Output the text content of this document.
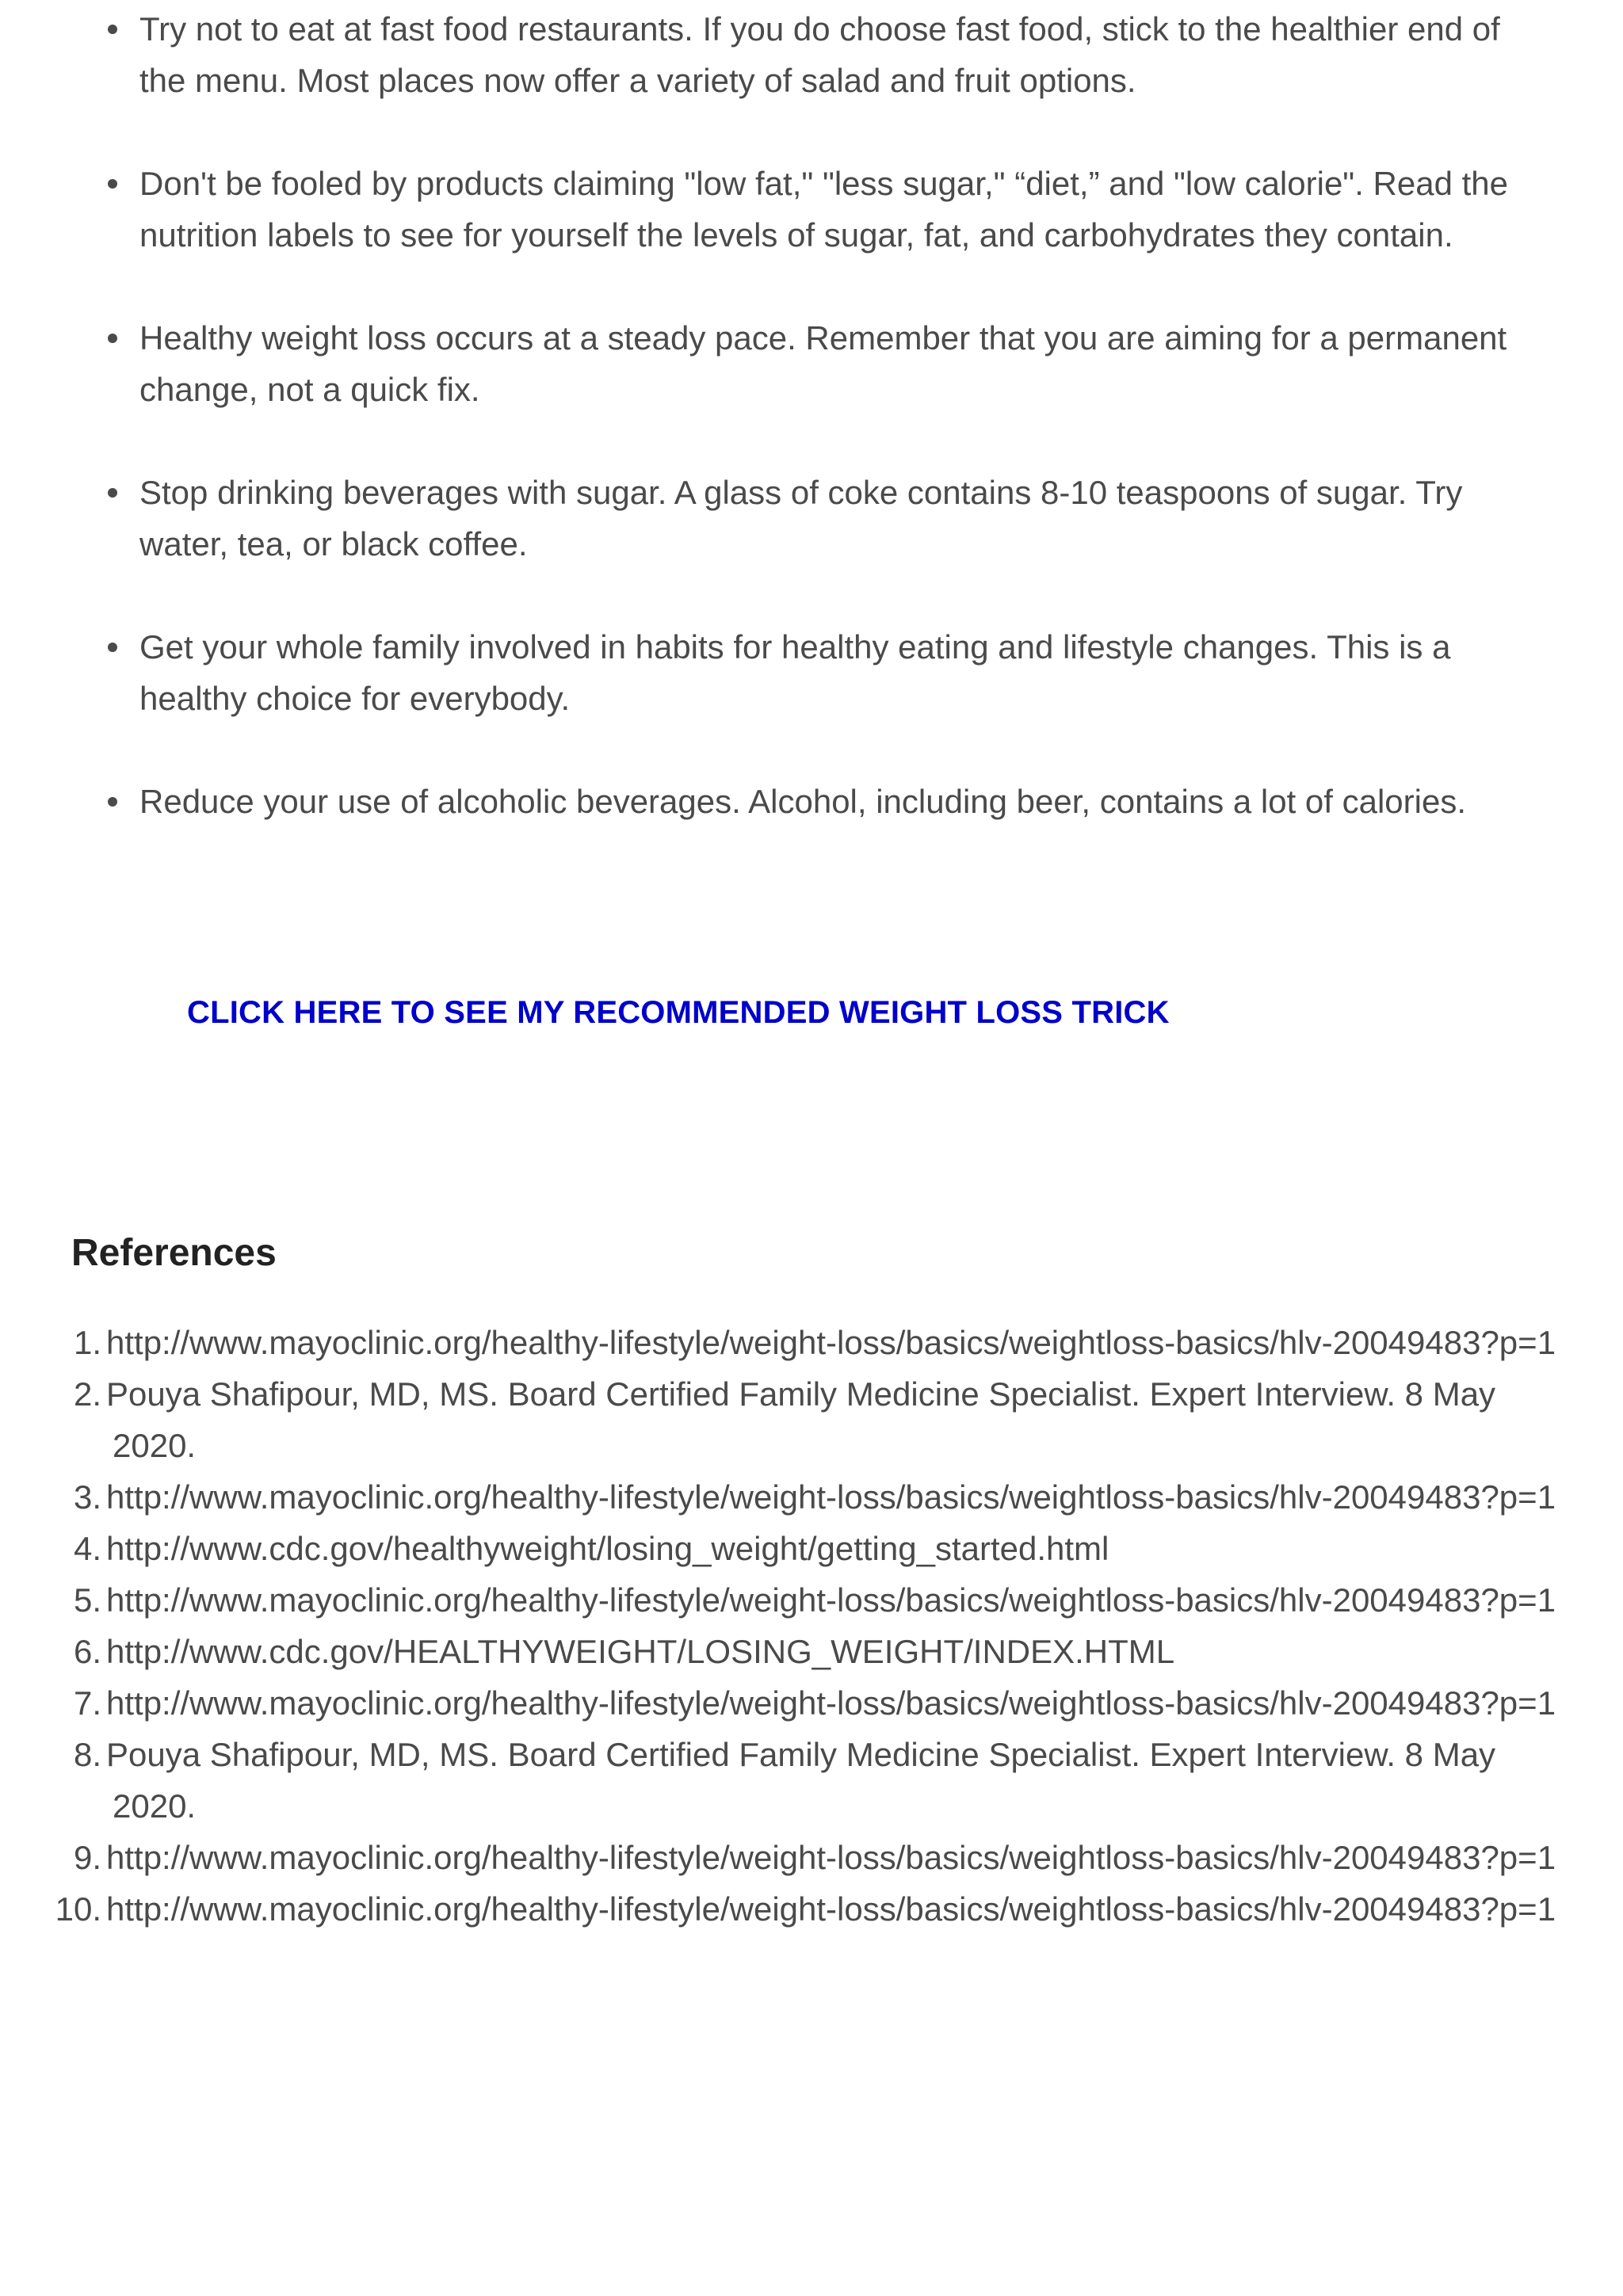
Try not to eat at fast food restaurants. If you do choose fast food, stick to the healthier end of the menu. Most places now offer a variety of salad and fruit options.
Don't be fooled by products claiming "low fat," "less sugar," “diet,” and "low calorie". Read the nutrition labels to see for yourself the levels of sugar, fat, and carbohydrates they contain.
Healthy weight loss occurs at a steady pace. Remember that you are aiming for a permanent change, not a quick fix.
Stop drinking beverages with sugar. A glass of coke contains 8-10 teaspoons of sugar. Try water, tea, or black coffee.
Get your whole family involved in habits for healthy eating and lifestyle changes. This is a healthy choice for everybody.
Reduce your use of alcoholic beverages. Alcohol, including beer, contains a lot of calories.
CLICK HERE TO SEE MY RECOMMENDED WEIGHT LOSS TRICK
References
1. http://www.mayoclinic.org/healthy-lifestyle/weight-loss/basics/weightloss-basics/hlv-20049483?p=1
2. Pouya Shafipour, MD, MS. Board Certified Family Medicine Specialist. Expert Interview. 8 May 2020.
3. http://www.mayoclinic.org/healthy-lifestyle/weight-loss/basics/weightloss-basics/hlv-20049483?p=1
4. http://www.cdc.gov/healthyweight/losing_weight/getting_started.html
5. http://www.mayoclinic.org/healthy-lifestyle/weight-loss/basics/weightloss-basics/hlv-20049483?p=1
6. http://www.cdc.gov/HEALTHYWEIGHT/LOSING_WEIGHT/INDEX.HTML
7. http://www.mayoclinic.org/healthy-lifestyle/weight-loss/basics/weightloss-basics/hlv-20049483?p=1
8. Pouya Shafipour, MD, MS. Board Certified Family Medicine Specialist. Expert Interview. 8 May 2020.
9. http://www.mayoclinic.org/healthy-lifestyle/weight-loss/basics/weightloss-basics/hlv-20049483?p=1
10. http://www.mayoclinic.org/healthy-lifestyle/weight-loss/basics/weightloss-basics/hlv-20049483?p=1
